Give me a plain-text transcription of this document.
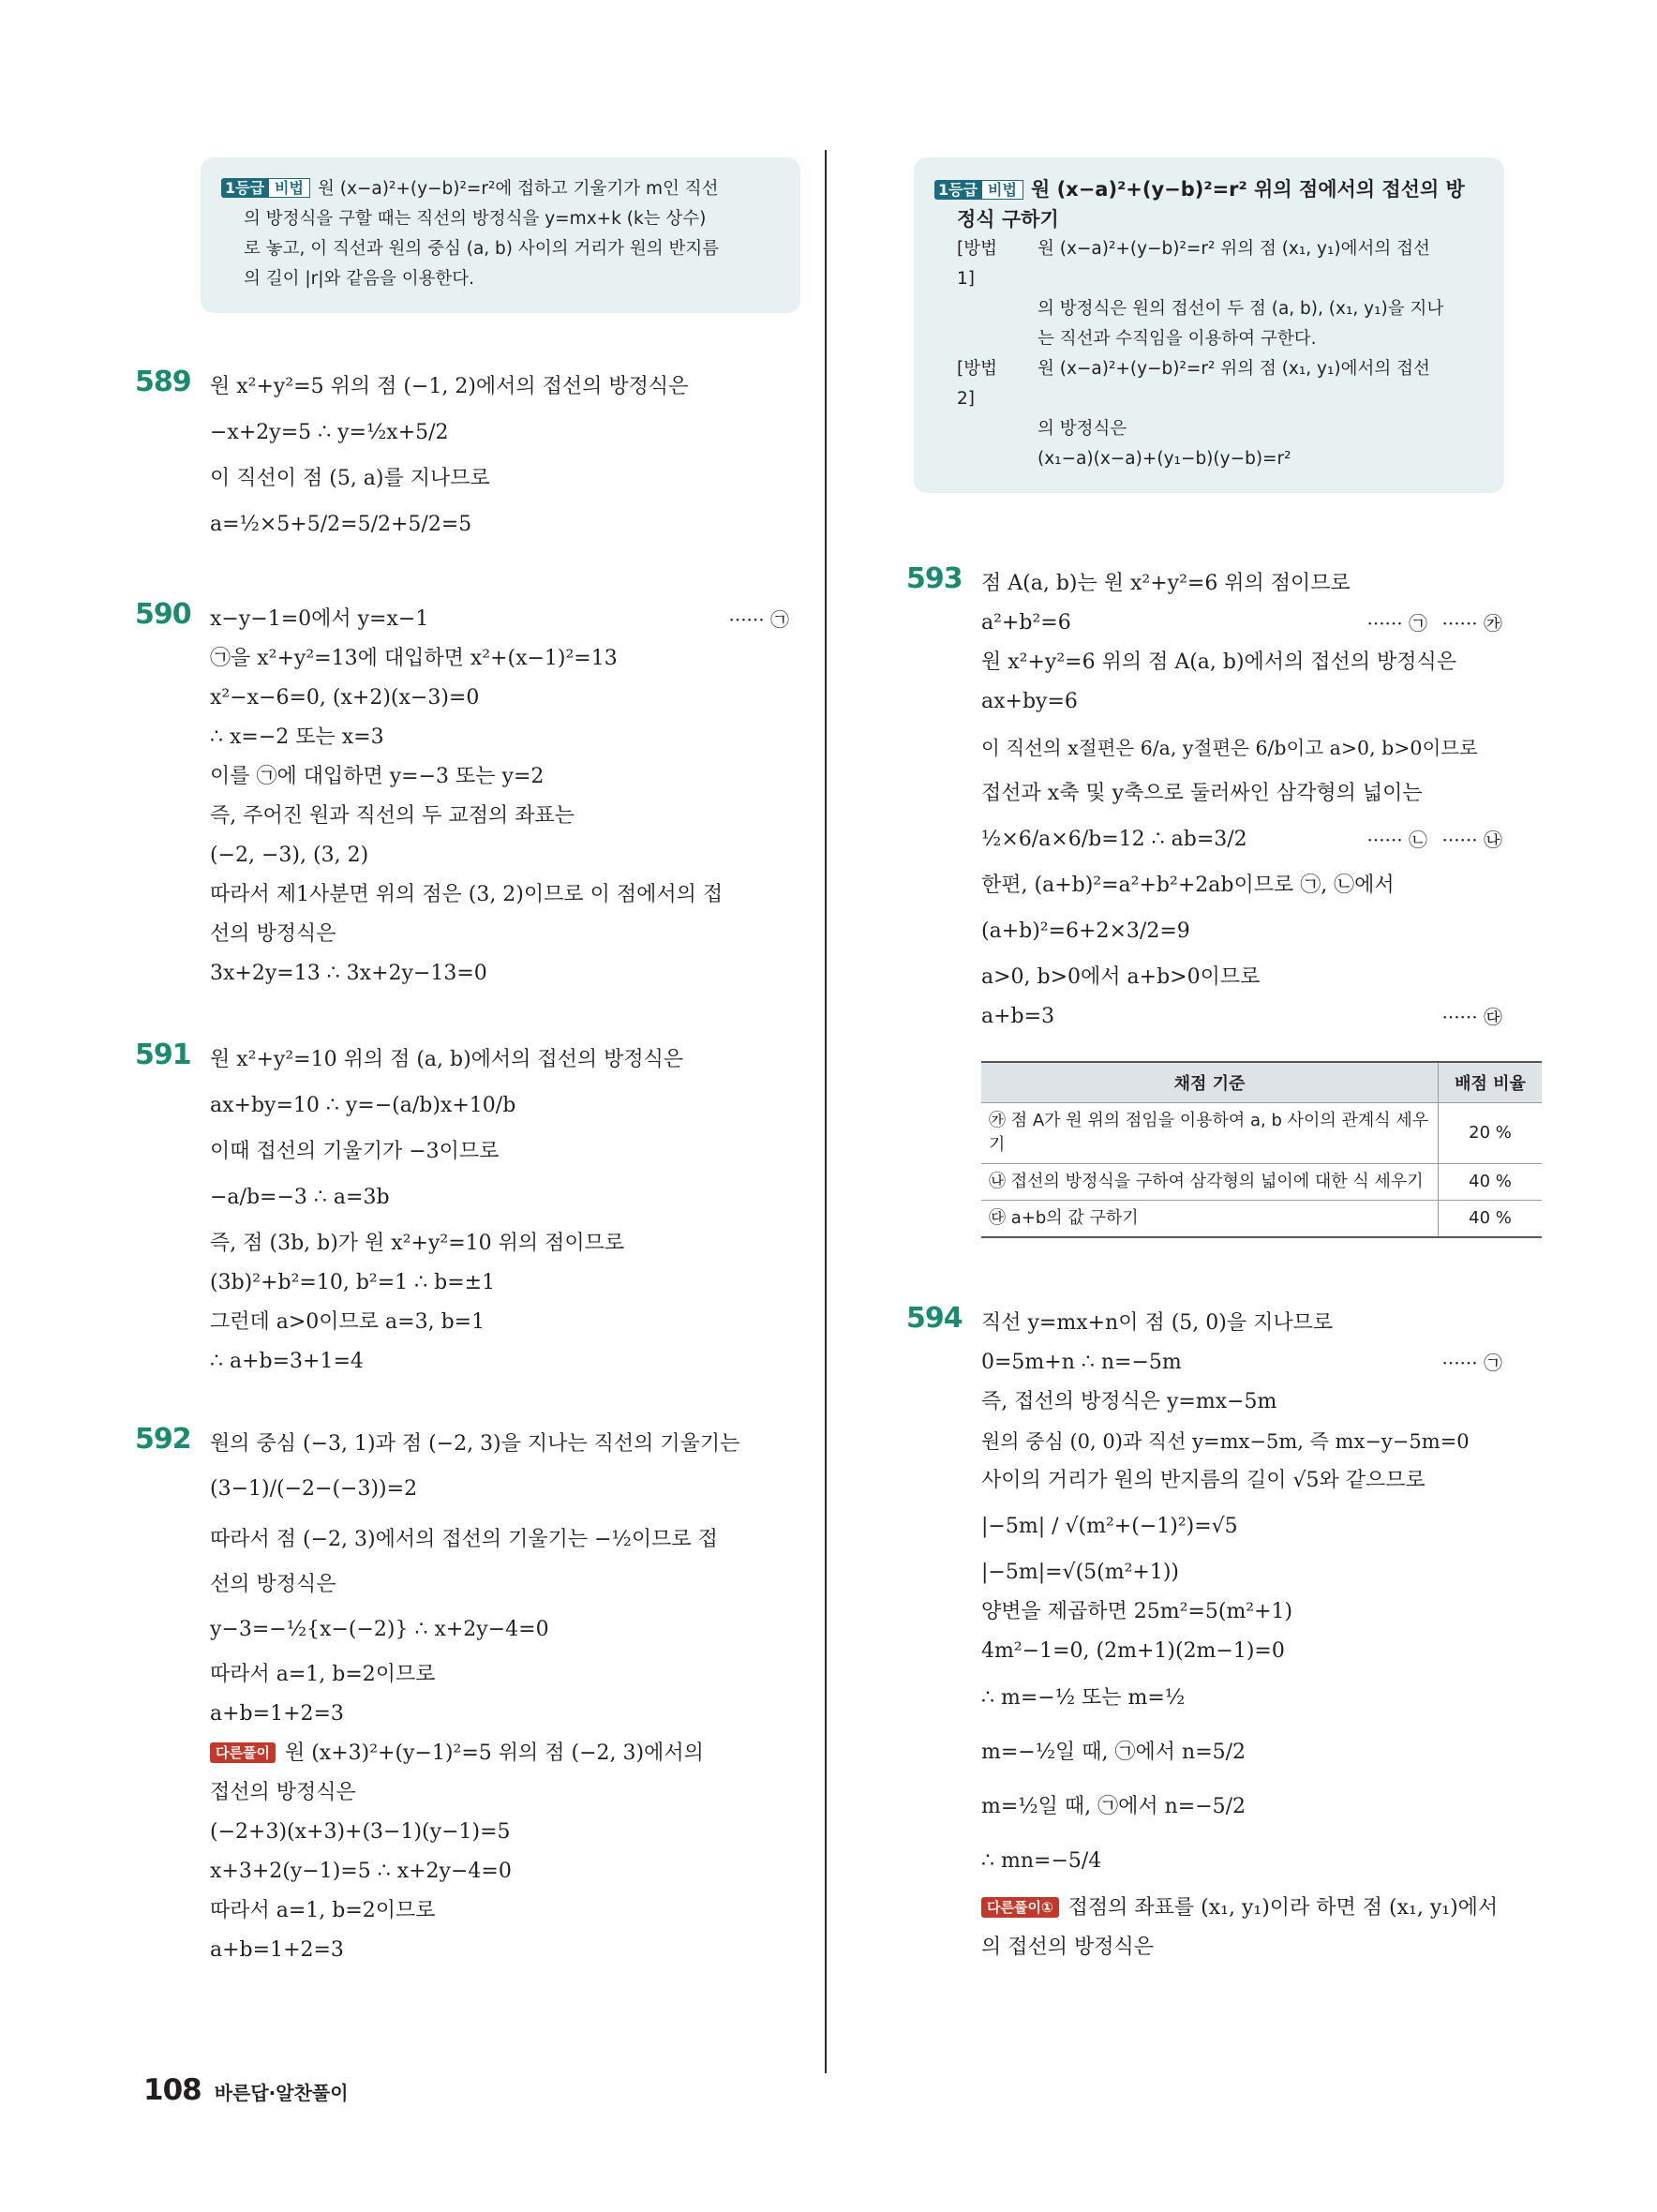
1등급 비법 원 (x−a)²+(y−b)²=r²에 접하고 기울기가 m인 직선
의 방정식을 구할 때는 직선의 방정식을 y=mx+k (k는 상수)
로 놓고, 이 직선과 원의 중심 (a, b) 사이의 거리가 원의 반지름
의 길이 |r|와 같음을 이용한다.
589 원 x²+y²=5 위의 점 (−1, 2)에서의 접선의 방정식은
−x+2y=5 ∴ y=½x+5/2
이 직선이 점 (5, a)를 지나므로
a=½×5+5/2=5/2+5/2=5
590 x−y−1=0에서 y=x−1	······ ㉠
㉠을 x²+y²=13에 대입하면 x²+(x−1)²=13
x²−x−6=0, (x+2)(x−3)=0
∴ x=−2 또는 x=3
이를 ㉠에 대입하면 y=−3 또는 y=2
즉, 주어진 원과 직선의 두 교점의 좌표는
(−2, −3), (3, 2)
따라서 제1사분면 위의 점은 (3, 2)이므로 이 점에서의 접
선의 방정식은
3x+2y=13 ∴ 3x+2y−13=0
591 원 x²+y²=10 위의 점 (a, b)에서의 접선의 방정식은
ax+by=10 ∴ y=−(a/b)x+10/b
이때 접선의 기울기가 −3이므로
−a/b=−3 ∴ a=3b
즉, 점 (3b, b)가 원 x²+y²=10 위의 점이므로
(3b)²+b²=10, b²=1 ∴ b=±1
그런데 a>0이므로 a=3, b=1
∴ a+b=3+1=4
592 원의 중심 (−3, 1)과 점 (−2, 3)을 지나는 직선의 기울기는
(3−1)/(−2−(−3))=2
따라서 점 (−2, 3)에서의 접선의 기울기는 −½이므로 접
선의 방정식은
y−3=−½{x−(−2)} ∴ x+2y−4=0
따라서 a=1, b=2이므로
a+b=1+2=3
다른풀이 원 (x+3)²+(y−1)²=5 위의 점 (−2, 3)에서의
접선의 방정식은
(−2+3)(x+3)+(3−1)(y−1)=5
x+3+2(y−1)=5 ∴ x+2y−4=0
따라서 a=1, b=2이므로
a+b=1+2=3
1등급 비법 원 (x−a)²+(y−b)²=r² 위의 점에서의 접선의 방
정식 구하기
[방법 1]
원 (x−a)²+(y−b)²=r² 위의 점 (x₁, y₁)에서의 접선
의 방정식은 원의 접선이 두 점 (a, b), (x₁, y₁)을 지나
는 직선과 수직임을 이용하여 구한다.
[방법 2]
원 (x−a)²+(y−b)²=r² 위의 점 (x₁, y₁)에서의 접선
의 방정식은
(x₁−a)(x−a)+(y₁−b)(y−b)=r²
593 점 A(a, b)는 원 x²+y²=6 위의 점이므로
a²+b²=6	······ ㉠ ······ ㉮
원 x²+y²=6 위의 점 A(a, b)에서의 접선의 방정식은
ax+by=6
이 직선의 x절편은 6/a, y절편은 6/b이고 a>0, b>0이므로
접선과 x축 및 y축으로 둘러싸인 삼각형의 넓이는
½×6/a×6/b=12 ∴ ab=3/2	······ ㉡ ······ ㉯
한편, (a+b)²=a²+b²+2ab이므로 ㉠, ㉡에서
(a+b)²=6+2×3/2=9
a>0, b>0에서 a+b>0이므로
a+b=3	······ ㉰
채점 기준	배점 비율
㉮ 점 A가 원 위의 점임을 이용하여 a, b 사이의 관계식 세우기	20 %
㉯ 접선의 방정식을 구하여 삼각형의 넓이에 대한 식 세우기	40 %
㉰ a+b의 값 구하기	40 %
594 직선 y=mx+n이 점 (5, 0)을 지나므로
0=5m+n ∴ n=−5m	······ ㉠
즉, 접선의 방정식은 y=mx−5m
원의 중심 (0, 0)과 직선 y=mx−5m, 즉 mx−y−5m=0
사이의 거리가 원의 반지름의 길이 √5와 같으므로
|−5m| / √(m²+(−1)²)=√5
|−5m|=√(5(m²+1))
양변을 제곱하면 25m²=5(m²+1)
4m²−1=0, (2m+1)(2m−1)=0
∴ m=−½ 또는 m=½
m=−½일 때, ㉠에서 n=5/2
m=½일 때, ㉠에서 n=−5/2
∴ mn=−5/4
다른풀이① 접점의 좌표를 (x₁, y₁)이라 하면 점 (x₁, y₁)에서
의 접선의 방정식은
108 바른답·알찬풀이
